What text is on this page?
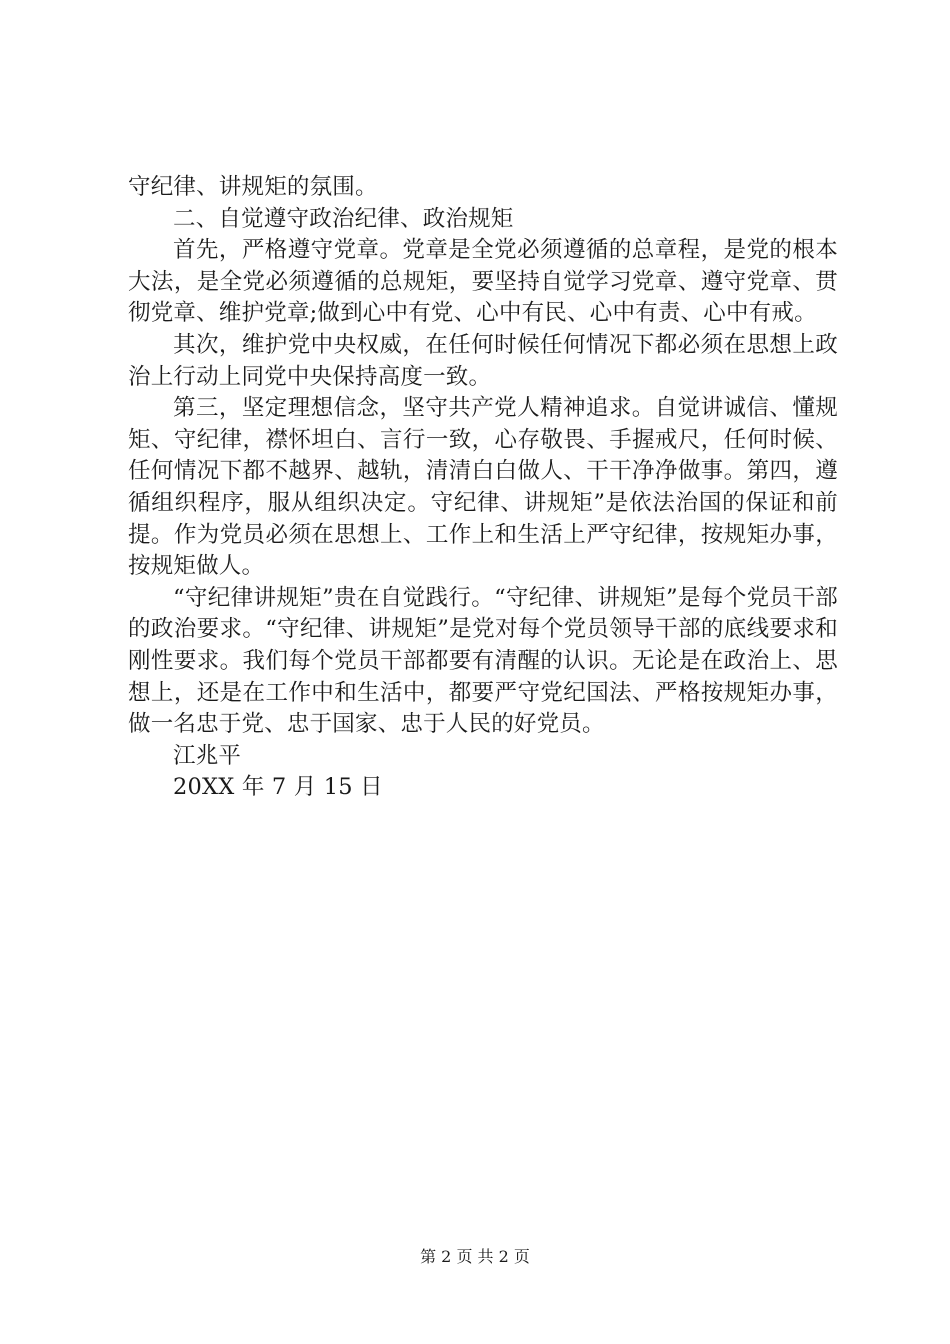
守纪律、讲规矩的氛围。

二、自觉遵守政治纪律、政治规矩

首先，严格遵守党章。党章是全党必须遵循的总章程，是党的根本大法，是全党必须遵循的总规矩，要坚持自觉学习党章、遵守党章、贯彻党章、维护党章;做到心中有党、心中有民、心中有责、心中有戒。

其次，维护党中央权威，在任何时候任何情况下都必须在思想上政治上行动上同党中央保持高度一致。

第三，坚定理想信念，坚守共产党人精神追求。自觉讲诚信、懂规矩、守纪律，襟怀坦白、言行一致，心存敬畏、手握戒尺，任何时候、任何情况下都不越界、越轨，清清白白做人、干干净净做事。第四，遵循组织程序，服从组织决定。守纪律、讲规矩”是依法治国的保证和前提。作为党员必须在思想上、工作上和生活上严守纪律，按规矩办事，按规矩做人。

“守纪律讲规矩”贵在自觉践行。“守纪律、讲规矩”是每个党员干部的政治要求。“守纪律、讲规矩”是党对每个党员领导干部的底线要求和刚性要求。我们每个党员干部都要有清醒的认识。无论是在政治上、思想上，还是在工作中和生活中，都要严守党纪国法、严格按规矩办事，做一名忠于党、忠于国家、忠于人民的好党员。

江兆平

20XX 年 7 月 15 日

第 2 页 共 2 页
